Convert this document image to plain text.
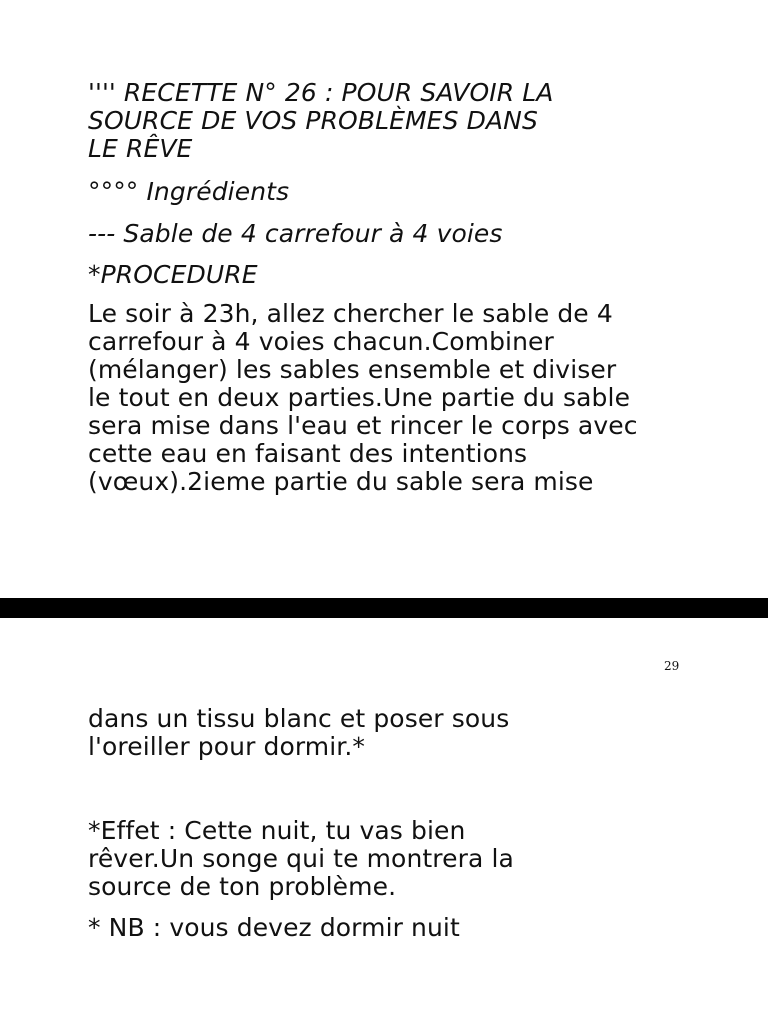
'''' RECETTE N° 26 : POUR SAVOIR LA
SOURCE DE VOS PROBLÈMES DANS
LE RÊVE
°°°° Ingrédients
--- Sable de 4 carrefour à 4 voies
*PROCEDURE
Le soir à 23h, allez chercher le sable de 4
carrefour à 4 voies chacun.Combiner
(mélanger) les sables ensemble et diviser
le tout en deux parties.Une partie du sable
sera mise dans l'eau et rincer le corps avec
cette eau en faisant des intentions
(vœux).2ieme partie du sable sera mise
29
dans un tissu blanc et poser sous
l'oreiller pour dormir.*
*Effet : Cette nuit, tu vas bien
rêver.Un songe qui te montrera la
source de ton problème.
* NB : vous devez dormir nuit
